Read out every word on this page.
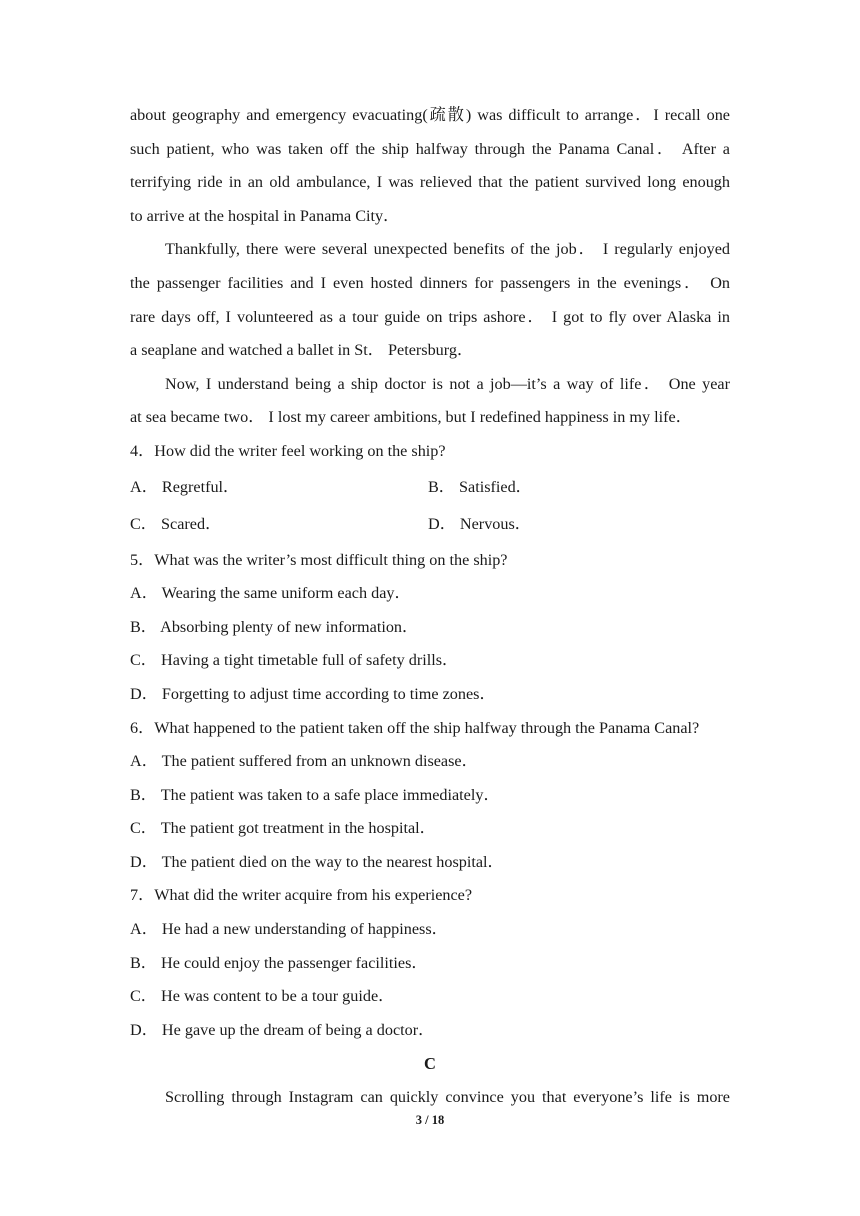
about geography and emergency evacuating(疏散) was difficult to arrange．I recall one
such patient, who was taken off the ship halfway through the Panama Canal． After a
terrifying ride in an old ambulance, I was relieved that the patient survived long enough
to arrive at the hospital in Panama City．
Thankfully, there were several unexpected benefits of the job． I regularly enjoyed
the passenger facilities and I even hosted dinners for passengers in the evenings． On
rare days off, I volunteered as a tour guide on trips ashore． I got to fly over Alaska in
a seaplane and watched a ballet in St． Petersburg．
Now, I understand being a ship doctor is not a job—it’s a way of life． One year
at sea became two． I lost my career ambitions, but I redefined happiness in my life．
4．How did the writer feel working on the ship?
A． Regretful．	B． Satisfied．
C． Scared．	D． Nervous．
5．What was the writer’s most difficult thing on the ship?
A． Wearing the same uniform each day．
B． Absorbing plenty of new information．
C． Having a tight timetable full of safety drills．
D． Forgetting to adjust time according to time zones．
6．What happened to the patient taken off the ship halfway through the Panama Canal?
A． The patient suffered from an unknown disease．
B． The patient was taken to a safe place immediately．
C． The patient got treatment in the hospital．
D． The patient died on the way to the nearest hospital．
7．What did the writer acquire from his experience?
A． He had a new understanding of happiness．
B． He could enjoy the passenger facilities．
C． He was content to be a tour guide．
D． He gave up the dream of being a doctor．
C
Scrolling through Instagram can quickly convince you that everyone’s life is more
3 / 18
